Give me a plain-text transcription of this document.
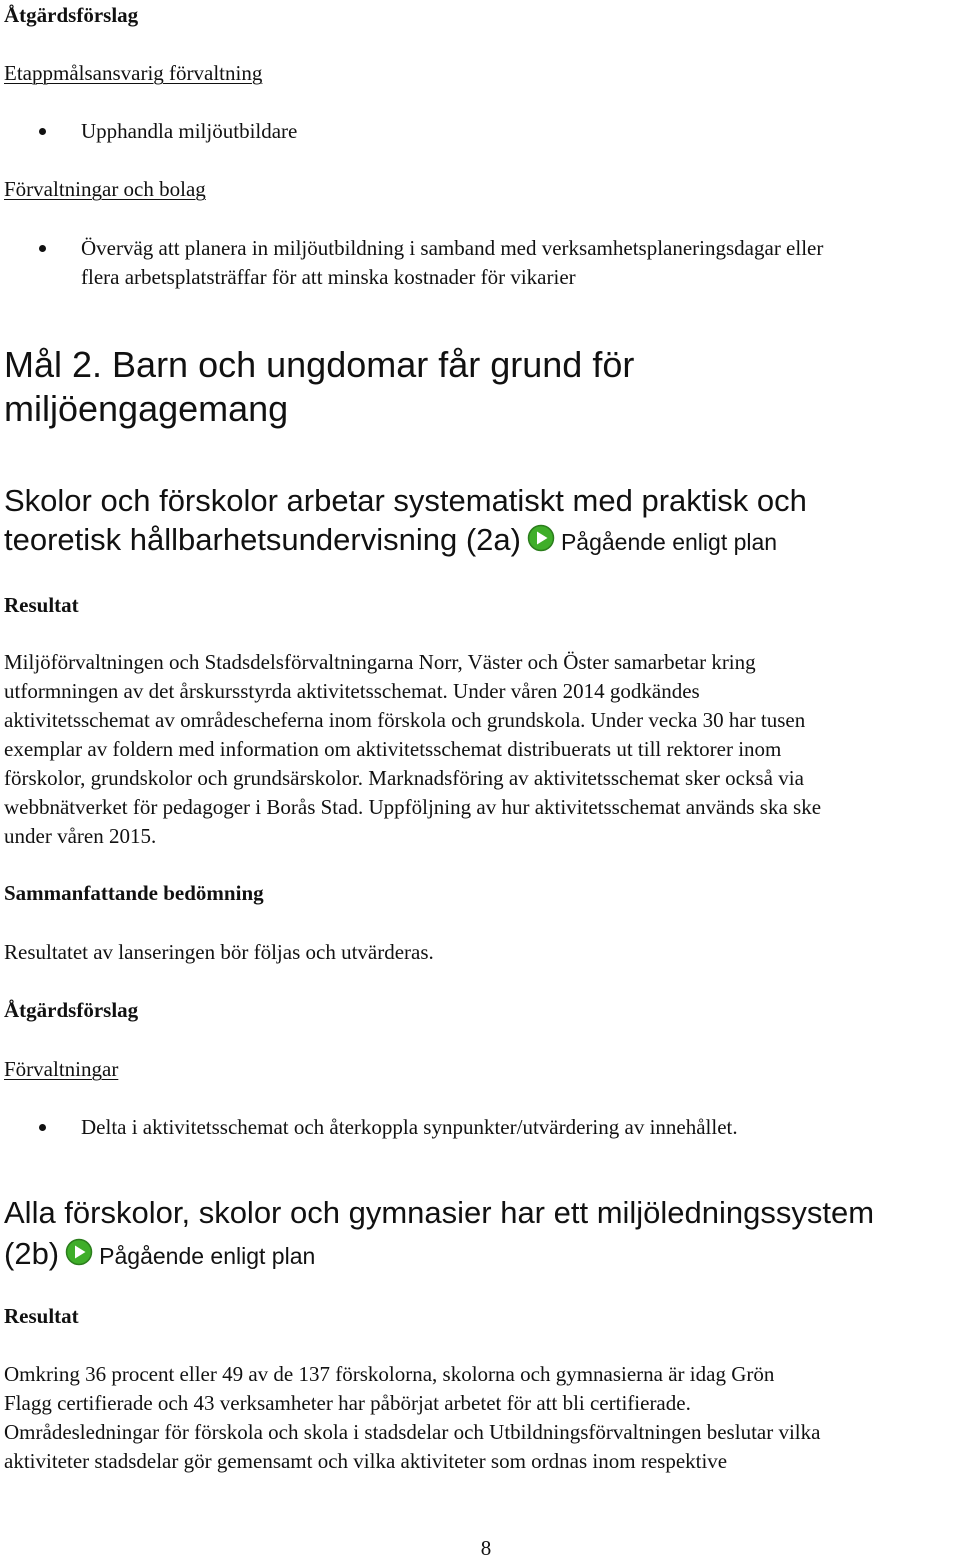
Åtgärdsförslag
Etappmålsansvarig förvaltning
Upphandla miljöutbildare
Förvaltningar och bolag
Överväg att planera in miljöutbildning i samband med verksamhetsplaneringsdagar eller
flera arbetsplatsträffar för att minska kostnader för vikarier
Mål 2. Barn och ungdomar får grund för
miljöengagemang
Skolor och förskolor arbetar systematiskt med praktisk och
teoretisk hållbarhetsundervisning (2a) Pågående enligt plan
Resultat
Miljöförvaltningen och Stadsdelsförvaltningarna Norr, Väster och Öster samarbetar kring
utformningen av det årskursstyrda aktivitetsschemat. Under våren 2014 godkändes
aktivitetsschemat av områdescheferna inom förskola och grundskola. Under vecka 30 har tusen
exemplar av foldern med information om aktivitetsschemat distribuerats ut till rektorer inom
förskolor, grundskolor och grundsärskolor. Marknadsföring av aktivitetsschemat sker också via
webbnätverket för pedagoger i Borås Stad. Uppföljning av hur aktivitetsschemat används ska ske
under våren 2015.
Sammanfattande bedömning
Resultatet av lanseringen bör följas och utvärderas.
Åtgärdsförslag
Förvaltningar
Delta i aktivitetsschemat och återkoppla synpunkter/utvärdering av innehållet.
Alla förskolor, skolor och gymnasier har ett miljöledningssystem
(2b) Pågående enligt plan
Resultat
Omkring 36 procent eller 49 av de 137 förskolorna, skolorna och gymnasierna är idag Grön
Flagg certifierade och 43 verksamheter har påbörjat arbetet för att bli certifierade.
Områdesledningar för förskola och skola i stadsdelar och Utbildningsförvaltningen beslutar vilka
aktiviteter stadsdelar gör gemensamt och vilka aktiviteter som ordnas inom respektive
8
